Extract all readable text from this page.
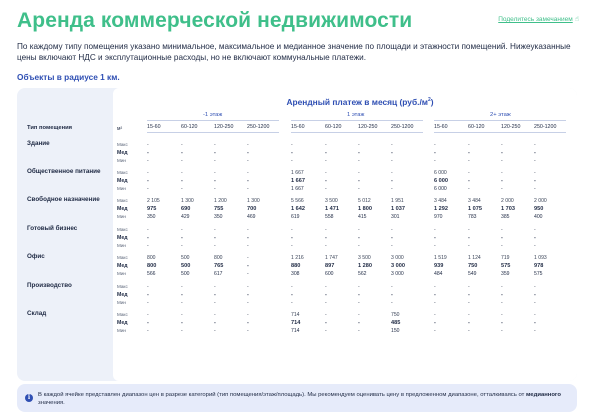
Аренда коммерческой недвижимости	Поделитесь замечанием ☝
По каждому типу помещения указано минимальное, максимальное и медианное значение по площади и этажности помещений. Нижеуказанные цены включают НДС и эксплутационные расходы, но не включают коммунальные платежи.
Объекты в радиусе 1 км.
Арендный платеж в месяц $(руб./м^2)$
Тип помещения	м²
-1 этаж
15-60	60-120	120-250	250-1200
1 этаж
15-60	60-120	120-250	250-1200
2+ этаж
15-60	60-120	120-250	250-1200
Здание	Макс	-	-	-	-	-	-	-	-	-	-	-	-
Мед	-	-	-	-	-	-	-	-	-	-	-	-
Мин	-	-	-	-	-	-	-	-	-	-	-	-
Общественное питание	Макс	-	-	-	-	1 667	-	-	-	6 000	-	-	-
Мед	-	-	-	-	1 667	-	-	-	6 000	-	-	-
Мин	-	-	-	-	1 667	-	-	-	6 000	-	-	-
Свободное назначение	Макс	2 105	1 300	1 200	1 300	5 566	3 500	5 012	1 951	3 484	3 484	2 000	2 000
Мед	975	690	755	700	1 642	1 471	1 800	1 037	1 292	1 075	1 703	950
Мин	350	429	350	469	619	558	415	301	970	783	385	400
Готовый бизнес	Макс	-	-	-	-	-	-	-	-	-	-	-	-
Мед	-	-	-	-	-	-	-	-	-	-	-	-
Мин	-	-	-	-	-	-	-	-	-	-	-	-
Офис	Макс	800	500	800	-	1 216	1 747	3 500	3 000	1 519	1 124	719	1 093
Мед	800	500	765	-	880	897	1 280	3 000	939	750	575	978
Мин	566	500	617	-	308	600	562	3 000	484	549	359	575
Производство	Макс	-	-	-	-	-	-	-	-	-	-	-	-
Мед	-	-	-	-	-	-	-	-	-	-	-	-
Мин	-	-	-	-	-	-	-	-	-	-	-	-
Склад	Макс	-	-	-	-	714	-	-	750	-	-	-	-
Мед	-	-	-	-	714	-	-	485	-	-	-	-
Мин	-	-	-	-	714	-	-	150	-	-	-	-
i	В каждой ячейке представлен диапазон цен в разрезе категорий (тип помещения/этаж/площадь). Мы рекомендуем оценивать цену в предложенном диапазоне, отталкиваясь от медианного значения.
